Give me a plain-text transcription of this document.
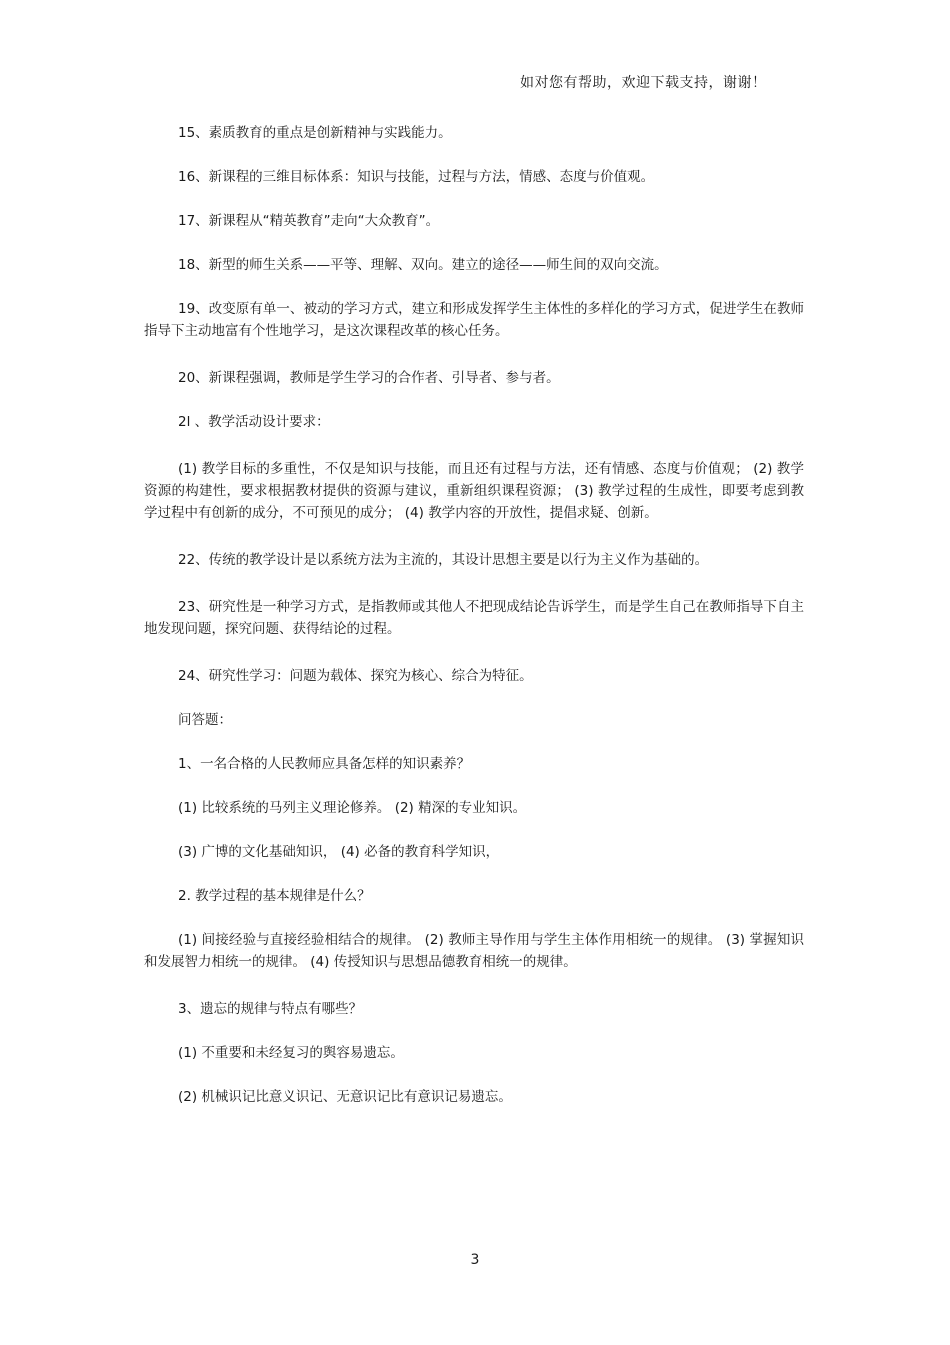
如对您有帮助，欢迎下载支持，谢谢！

15、素质教育的重点是创新精神与实践能力。

16、新课程的三维目标体系：知识与技能，过程与方法，情感、态度与价值观。

17、新课程从“精英教育”走向“大众教育”。

18、新型的师生关系——平等、理解、双向。建立的途径——师生间的双向交流。

19、改变原有单一、被动的学习方式，建立和形成发挥学生主体性的多样化的学习方式，促进学生在教师指导下主动地富有个性地学习，是这次课程改革的核心任务。

20、新课程强调，教师是学生学习的合作者、引导者、参与者。

2l 、教学活动设计要求：

(1) 教学目标的多重性，不仅是知识与技能，而且还有过程与方法，还有情感、态度与价值观； (2) 教学资源的构建性，要求根据教材提供的资源与建议，重新组织课程资源； (3) 教学过程的生成性，即要考虑到教学过程中有创新的成分，不可预见的成分； (4) 教学内容的开放性，提倡求疑、创新。

22、传统的教学设计是以系统方法为主流的，其设计思想主要是以行为主义作为基础的。

23、研究性是一种学习方式，是指教师或其他人不把现成结论告诉学生，而是学生自己在教师指导下自主地发现问题，探究问题、获得结论的过程。

24、研究性学习：问题为载体、探究为核心、综合为特征。

问答题：

1、一名合格的人民教师应具备怎样的知识素养？

(1) 比较系统的马列主义理论修养。 (2) 精深的专业知识。

(3) 广博的文化基础知识， (4) 必备的教育科学知识，

2. 教学过程的基本规律是什么？

(1) 间接经验与直接经验相结合的规律。 (2) 教师主导作用与学生主体作用相统一的规律。 (3) 掌握知识和发展智力相统一的规律。 (4) 传授知识与思想品德教育相统一的规律。

3、遗忘的规律与特点有哪些？

(1) 不重要和未经复习的舆容易遗忘。

(2) 机械识记比意义识记、无意识记比有意识记易遗忘。

3
